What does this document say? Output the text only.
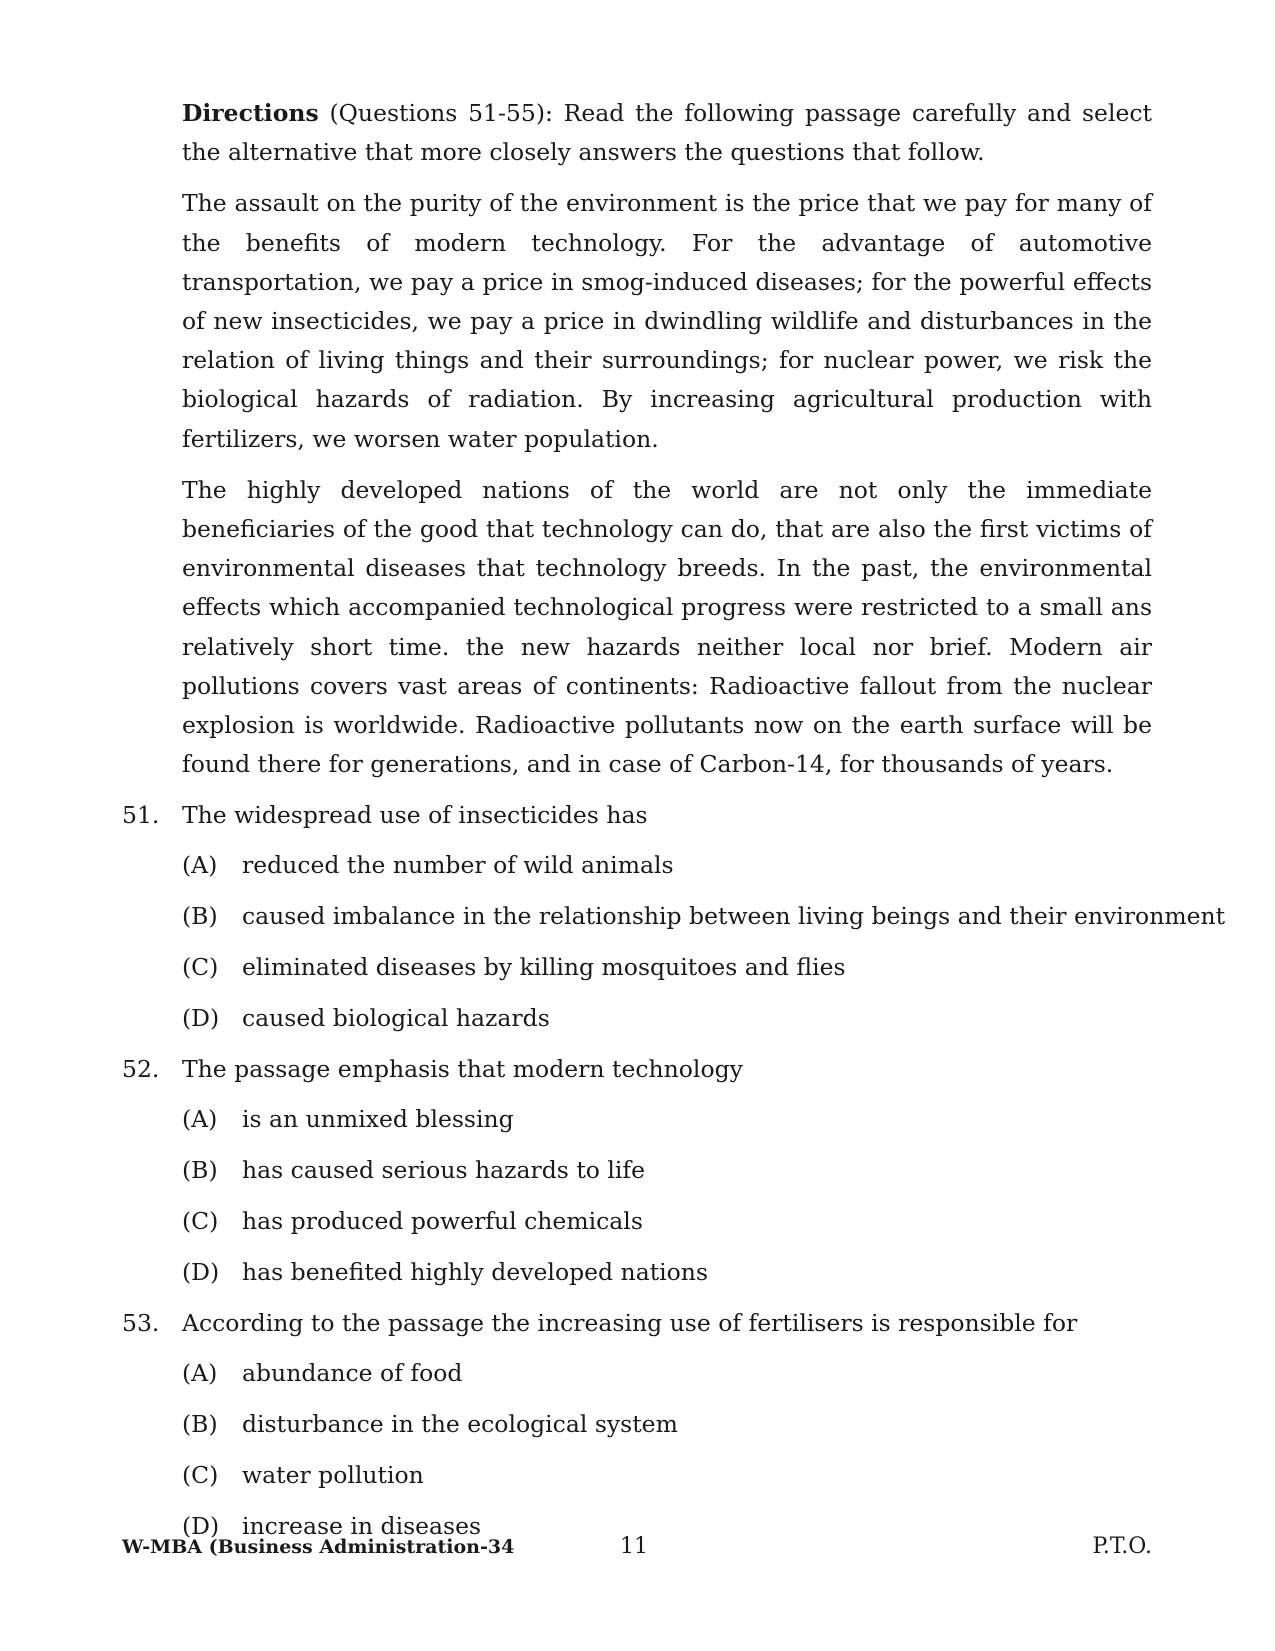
Directions (Questions 51-55): Read the following passage carefully and select the alternative that more closely answers the questions that follow.

The assault on the purity of the environment is the price that we pay for many of the benefits of modern technology. For the advantage of automotive transportation, we pay a price in smog-induced diseases; for the powerful effects of new insecticides, we pay a price in dwindling wildlife and disturbances in the relation of living things and their surroundings; for nuclear power, we risk the biological hazards of radiation. By increasing agricultural production with fertilizers, we worsen water population.

The highly developed nations of the world are not only the immediate beneficiaries of the good that technology can do, that are also the first victims of environmental diseases that technology breeds. In the past, the environmental effects which accompanied technological progress were restricted to a small ans relatively short time. the new hazards neither local nor brief. Modern air pollutions covers vast areas of continents: Radioactive fallout from the nuclear explosion is worldwide. Radioactive pollutants now on the earth surface will be found there for generations, and in case of Carbon-14, for thousands of years.

51. The widespread use of insecticides has
(A) reduced the number of wild animals
(B) caused imbalance in the relationship between living beings and their environment
(C) eliminated diseases by killing mosquitoes and flies
(D) caused biological hazards
52. The passage emphasis that modern technology
(A) is an unmixed blessing
(B) has caused serious hazards to life
(C) has produced powerful chemicals
(D) has benefited highly developed nations
53. According to the passage the increasing use of fertilisers is responsible for
(A) abundance of food
(B) disturbance in the ecological system
(C) water pollution
(D) increase in diseases
W-MBA (Business Administration-34	11	P.T.O.
